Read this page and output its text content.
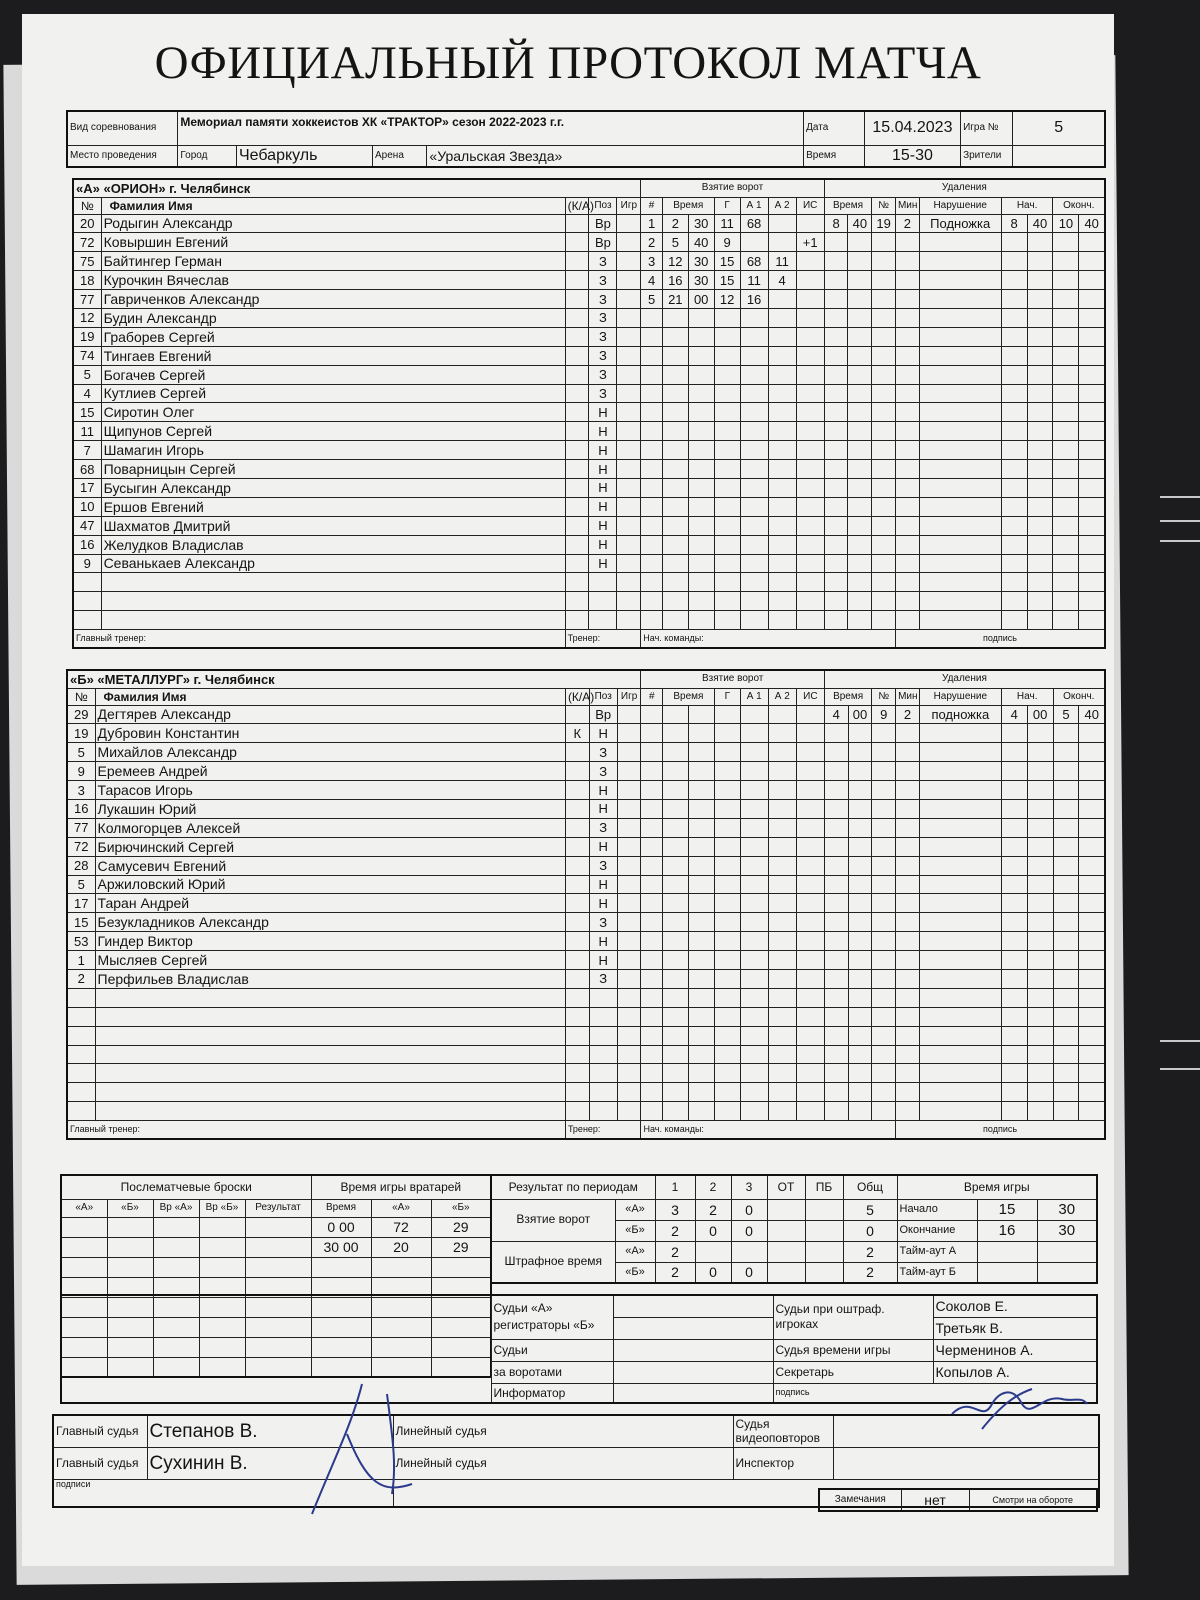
ОФИЦИАЛЬНЫЙ ПРОТОКОЛ МАТЧА
Вид соревнования	Мемориал памяти хоккеистов ХК «ТРАКТОР» сезон 2022-2023 г.г.				Дата	15.04.2023	Игра №	5
Место проведения	Город	Чебаркуль	Арена	«Уральская Звезда»	Время	15-30	Зрители	
«А» «ОРИОН» г. Челябинск					Взятие ворот							Удаления								
№	Фамилия Имя	(К/А)	Поз	Игр	#	Время		Г	А 1	А 2	ИС	Время		№	Мин	Нарушение	Нач.		Оконч.	
20	Родыгин Александр		Вр		1	2	30	11	68			8	40	19	2	Подножка	8	40	10	40
72	Ковыршин Евгений		Вр		2	5	40	9			+1									
75	Байтингер Герман		З		3	12	30	15	68	11										
18	Курочкин Вячеслав		З		4	16	30	15	11	4										
77	Гавриченков Александр		З		5	21	00	12	16											
12	Будин Александр		З																	
19	Граборев Сергей		З																	
74	Тингаев Евгений		З																	
5	Богачев Сергей		З																	
4	Кутлиев Сергей		З																	
15	Сиротин Олег		Н																	
11	Щипунов Сергей		Н																	
7	Шамагин Игорь		Н																	
68	Поварницын Сергей		Н																	
17	Бусыгин Александр		Н																	
10	Ершов Евгений		Н																	
47	Шахматов Дмитрий		Н																	
16	Желудков Владислав		Н																	
9	Севанькаев Александр		Н																	

Главный тренер:		Тренер:			Нач. команды:										подпись					
«Б» «МЕТАЛЛУРГ» г. Челябинск					Взятие ворот							Удаления								
№	Фамилия Имя	(К/А)	Поз	Игр	#	Время		Г	А 1	А 2	ИС	Время		№	Мин	Нарушение	Нач.		Оконч.	
29	Дегтярев Александр		Вр									4	00	9	2	подножка	4	00	5	40
19	Дубровин Константин	К	Н																	
5	Михайлов Александр		З																	
9	Еремеев Андрей		З																	
3	Тарасов Игорь		Н																	
16	Лукашин Юрий		Н																	
77	Колмогорцев Алексей		З																	
72	Бирючинский Сергей		Н																	
28	Самусевич Евгений		З																	
5	Аржиловский Юрий		Н																	
17	Таран Андрей		Н																	
15	Безукладников Александр		З																	
53	Гиндер Виктор		Н																	
1	Мысляев Сергей		Н																	
2	Перфильев Владислав		З																	

Главный тренер:		Тренер:			Нач. команды:										подпись					
Послематчевые броски					Время игры вратарей		
«А»	«Б»	Вр «А»	Вр «Б»	Результат	Время	«А»	«Б»
					0 00	72	29
					30 00	20	29

Результат по периодам		1	2	3	ОТ	ПБ	Общ	Время игры		
Взятие ворот	«А»	3	2	0			5	Начало	15	30
	«Б»	2	0	0			0	Окончание	16	30
Штрафное время	«А»	2					2	Тайм-аут А		
	«Б»	2	0	0			2	Тайм-аут Б		
	Судьи «А» регистраторы «Б»		Судьи при оштраф. игроках	Соколов Е.
				Третьяк В.
	Судьи		Судья времени игры	Черменинов А.
	за воротами		Секретарь	Копылов А.
	Информатор		подпись	
Главный судья	Степанов В.	Линейный судья	Судья видеоповторов	
Главный судья	Сухинин В.	Линейный судья	Инспектор	
подписи				
Замечания	нет	Смотри на обороте
